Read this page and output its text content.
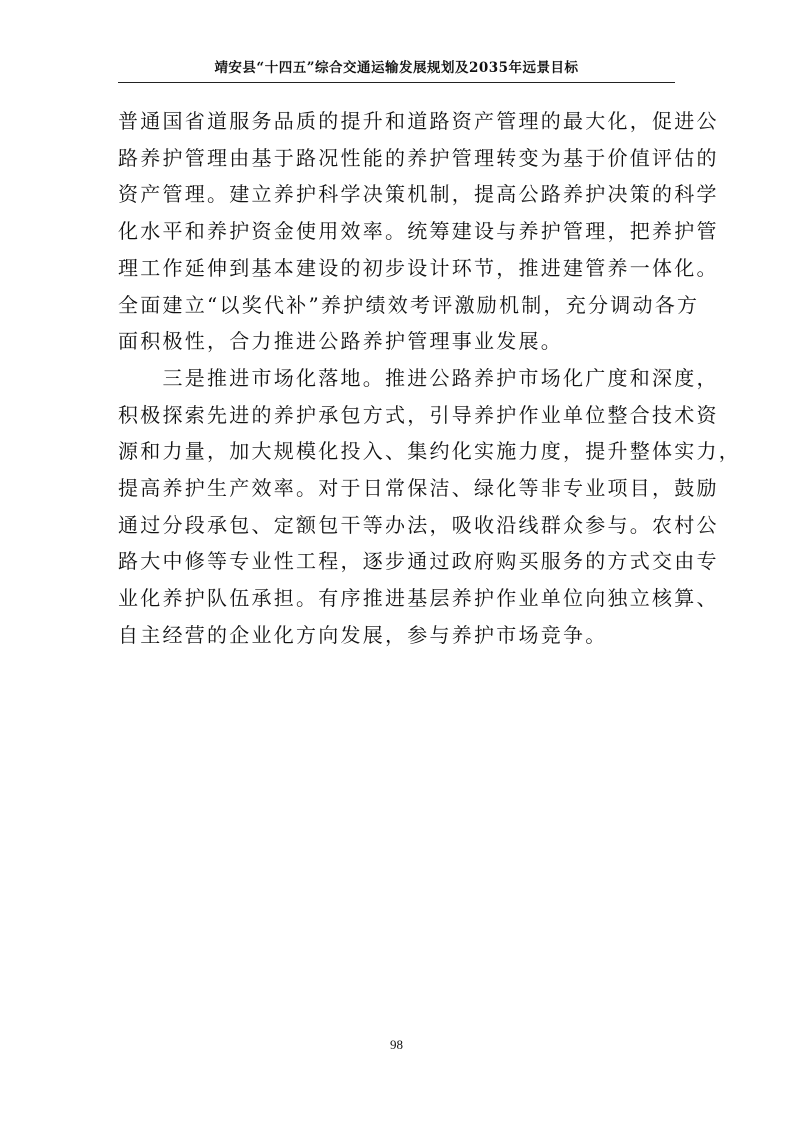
靖安县“十四五”综合交通运输发展规划及2035年远景目标

普通国省道服务品质的提升和道路资产管理的最大化，促进公

路养护管理由基于路况性能的养护管理转变为基于价值评估的

资产管理。建立养护科学决策机制，提高公路养护决策的科学

化水平和养护资金使用效率。统筹建设与养护管理，把养护管

理工作延伸到基本建设的初步设计环节，推进建管养一体化。

全面建立“以奖代补”养护绩效考评激励机制，充分调动各方

面积极性，合力推进公路养护管理事业发展。

　　三是推进市场化落地。推进公路养护市场化广度和深度，

积极探索先进的养护承包方式，引导养护作业单位整合技术资

源和力量，加大规模化投入、集约化实施力度，提升整体实力，

提高养护生产效率。对于日常保洁、绿化等非专业项目，鼓励

通过分段承包、定额包干等办法，吸收沿线群众参与。农村公

路大中修等专业性工程，逐步通过政府购买服务的方式交由专

业化养护队伍承担。有序推进基层养护作业单位向独立核算、

自主经营的企业化方向发展，参与养护市场竞争。

98
